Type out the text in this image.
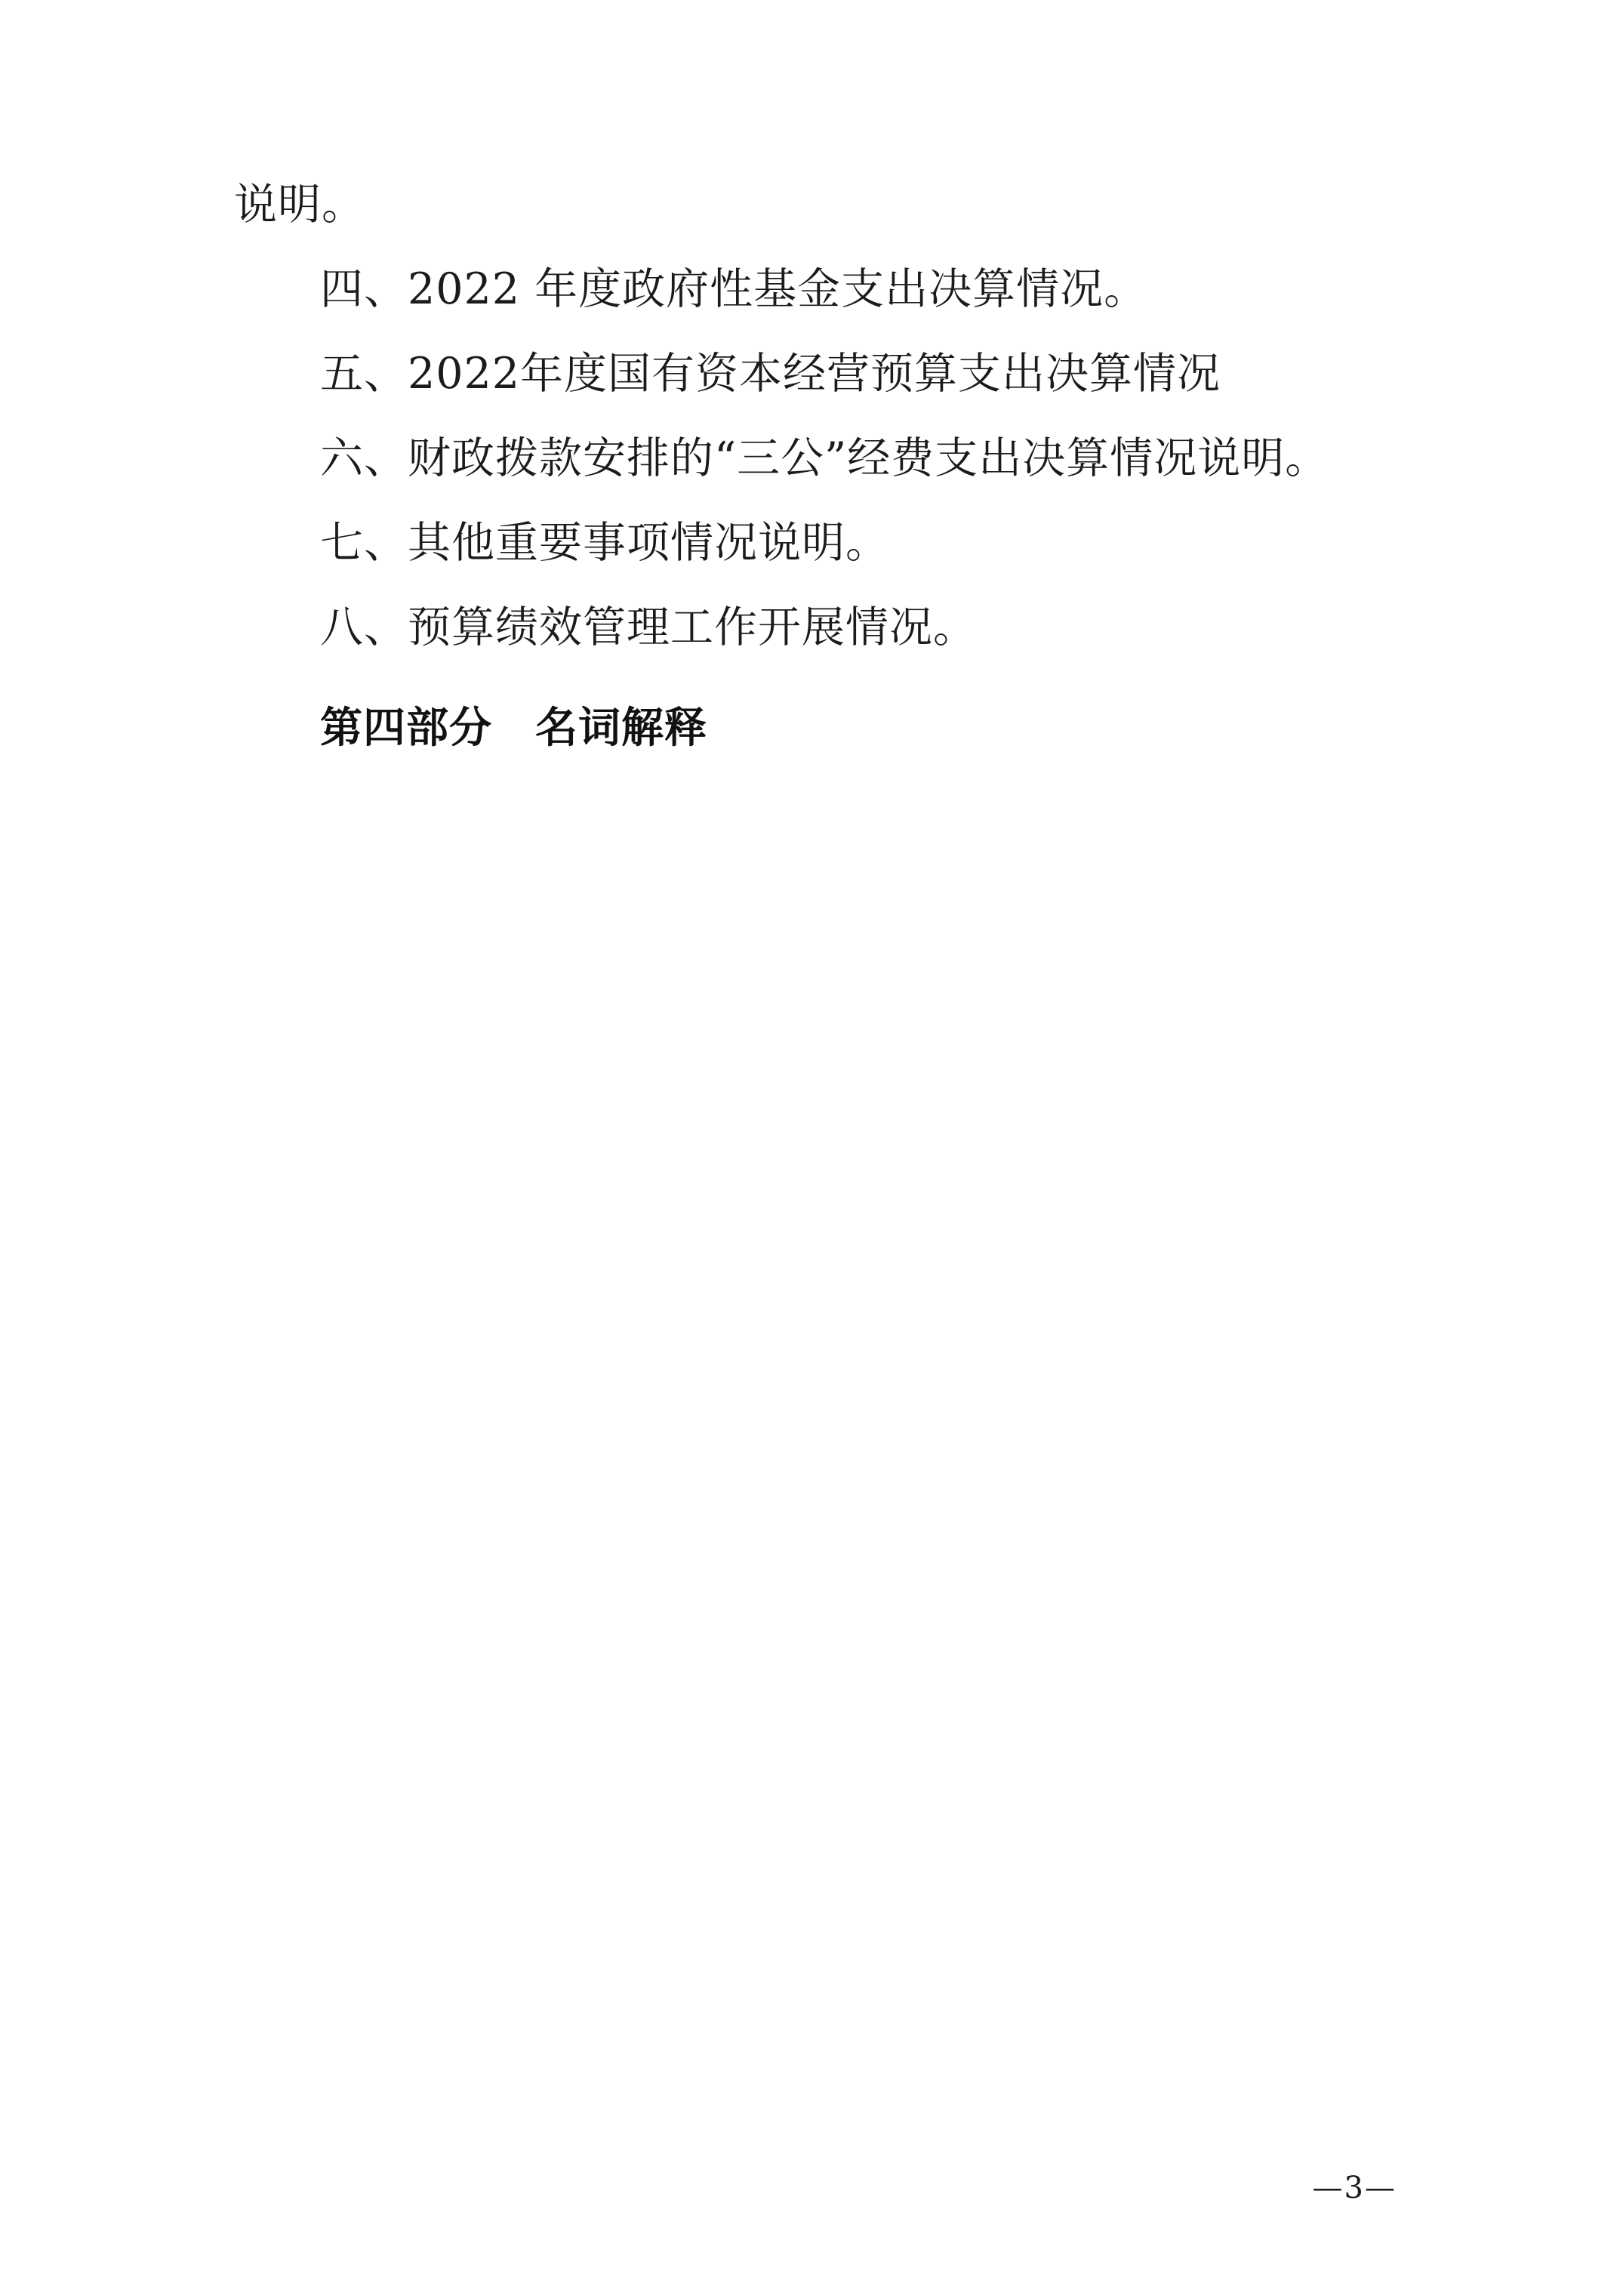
说明。
四、2022 年度政府性基金支出决算情况。
五、2022年度国有资本经营预算支出决算情况
六、财政拨款安排的“三公”经费支出决算情况说明。
七、其他重要事项情况说明。
八、预算绩效管理工作开展情况。
第四部分　名词解释
—3—
